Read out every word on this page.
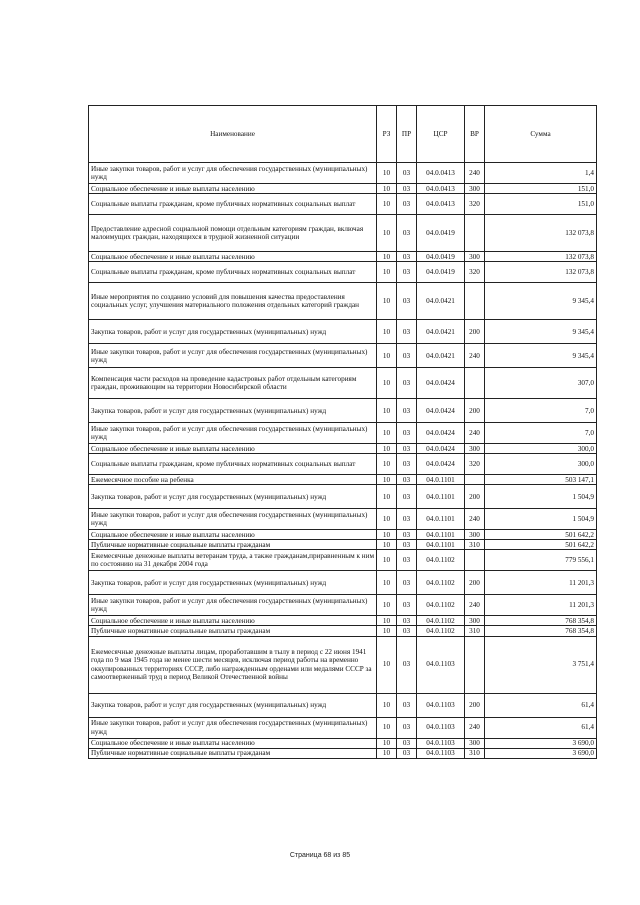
Наименование	РЗ	ПР	ЦСР	ВР	Сумма
Иные закупки товаров, работ и услуг для обеспечения государственных (муниципальных) нужд	10	03	04.0.0413	240	1,4
Социальное обеспечение и иные выплаты населению	10	03	04.0.0413	300	151,0
Социальные выплаты гражданам, кроме публичных нормативных социальных выплат	10	03	04.0.0413	320	151,0
Предоставление адресной социальной помощи отдельным категориям граждан, включая малоимущих граждан, находящихся в трудной жизненной ситуации	10	03	04.0.0419		132 073,8
Социальное обеспечение и иные выплаты населению	10	03	04.0.0419	300	132 073,8
Социальные выплаты гражданам, кроме публичных нормативных социальных выплат	10	03	04.0.0419	320	132 073,8
Иные мероприятия по созданию условий для повышения качества предоставления социальных услуг, улучшения материального положения отдельных категорий граждан	10	03	04.0.0421		9 345,4
Закупка товаров, работ и услуг для государственных (муниципальных) нужд	10	03	04.0.0421	200	9 345,4
Иные закупки товаров, работ и услуг для обеспечения государственных (муниципальных) нужд	10	03	04.0.0421	240	9 345,4
Компенсация части расходов на проведение кадастровых работ отдельным категориям граждан, проживающим на территории Новосибирской области	10	03	04.0.0424		307,0
Закупка товаров, работ и услуг для государственных (муниципальных) нужд	10	03	04.0.0424	200	7,0
Иные закупки товаров, работ и услуг для обеспечения государственных (муниципальных) нужд	10	03	04.0.0424	240	7,0
Социальное обеспечение и иные выплаты населению	10	03	04.0.0424	300	300,0
Социальные выплаты гражданам, кроме публичных нормативных социальных выплат	10	03	04.0.0424	320	300,0
Ежемесячное пособие на ребенка	10	03	04.0.1101		503 147,1
Закупка товаров, работ и услуг для государственных (муниципальных) нужд	10	03	04.0.1101	200	1 504,9
Иные закупки товаров, работ и услуг для обеспечения государственных (муниципальных) нужд	10	03	04.0.1101	240	1 504,9
Социальное обеспечение и иные выплаты населению	10	03	04.0.1101	300	501 642,2
Публичные нормативные социальные выплаты гражданам	10	03	04.0.1101	310	501 642,2
Ежемесячные денежные выплаты ветеранам труда, а также гражданам,приравненным к ним по состоянию на 31 декабря 2004 года	10	03	04.0.1102		779 556,1
Закупка товаров, работ и услуг для государственных (муниципальных) нужд	10	03	04.0.1102	200	11 201,3
Иные закупки товаров, работ и услуг для обеспечения государственных (муниципальных) нужд	10	03	04.0.1102	240	11 201,3
Социальное обеспечение и иные выплаты населению	10	03	04.0.1102	300	768 354,8
Публичные нормативные социальные выплаты гражданам	10	03	04.0.1102	310	768 354,8
Ежемесячные денежные выплаты лицам, проработавшим в тылу в период с 22 июня 1941 года по 9 мая 1945 года не менее шести месяцев, исключая период работы на временно оккупированных территориях СССР, либо награжденным орденами или медалями СССР за самоотверженный труд в период Великой Отечественной войны	10	03	04.0.1103		3 751,4
Закупка товаров, работ и услуг для государственных (муниципальных) нужд	10	03	04.0.1103	200	61,4
Иные закупки товаров, работ и услуг для обеспечения государственных (муниципальных) нужд	10	03	04.0.1103	240	61,4
Социальное обеспечение и иные выплаты населению	10	03	04.0.1103	300	3 690,0
Публичные нормативные социальные выплаты гражданам	10	03	04.0.1103	310	3 690,0
Страница 68 из 85
